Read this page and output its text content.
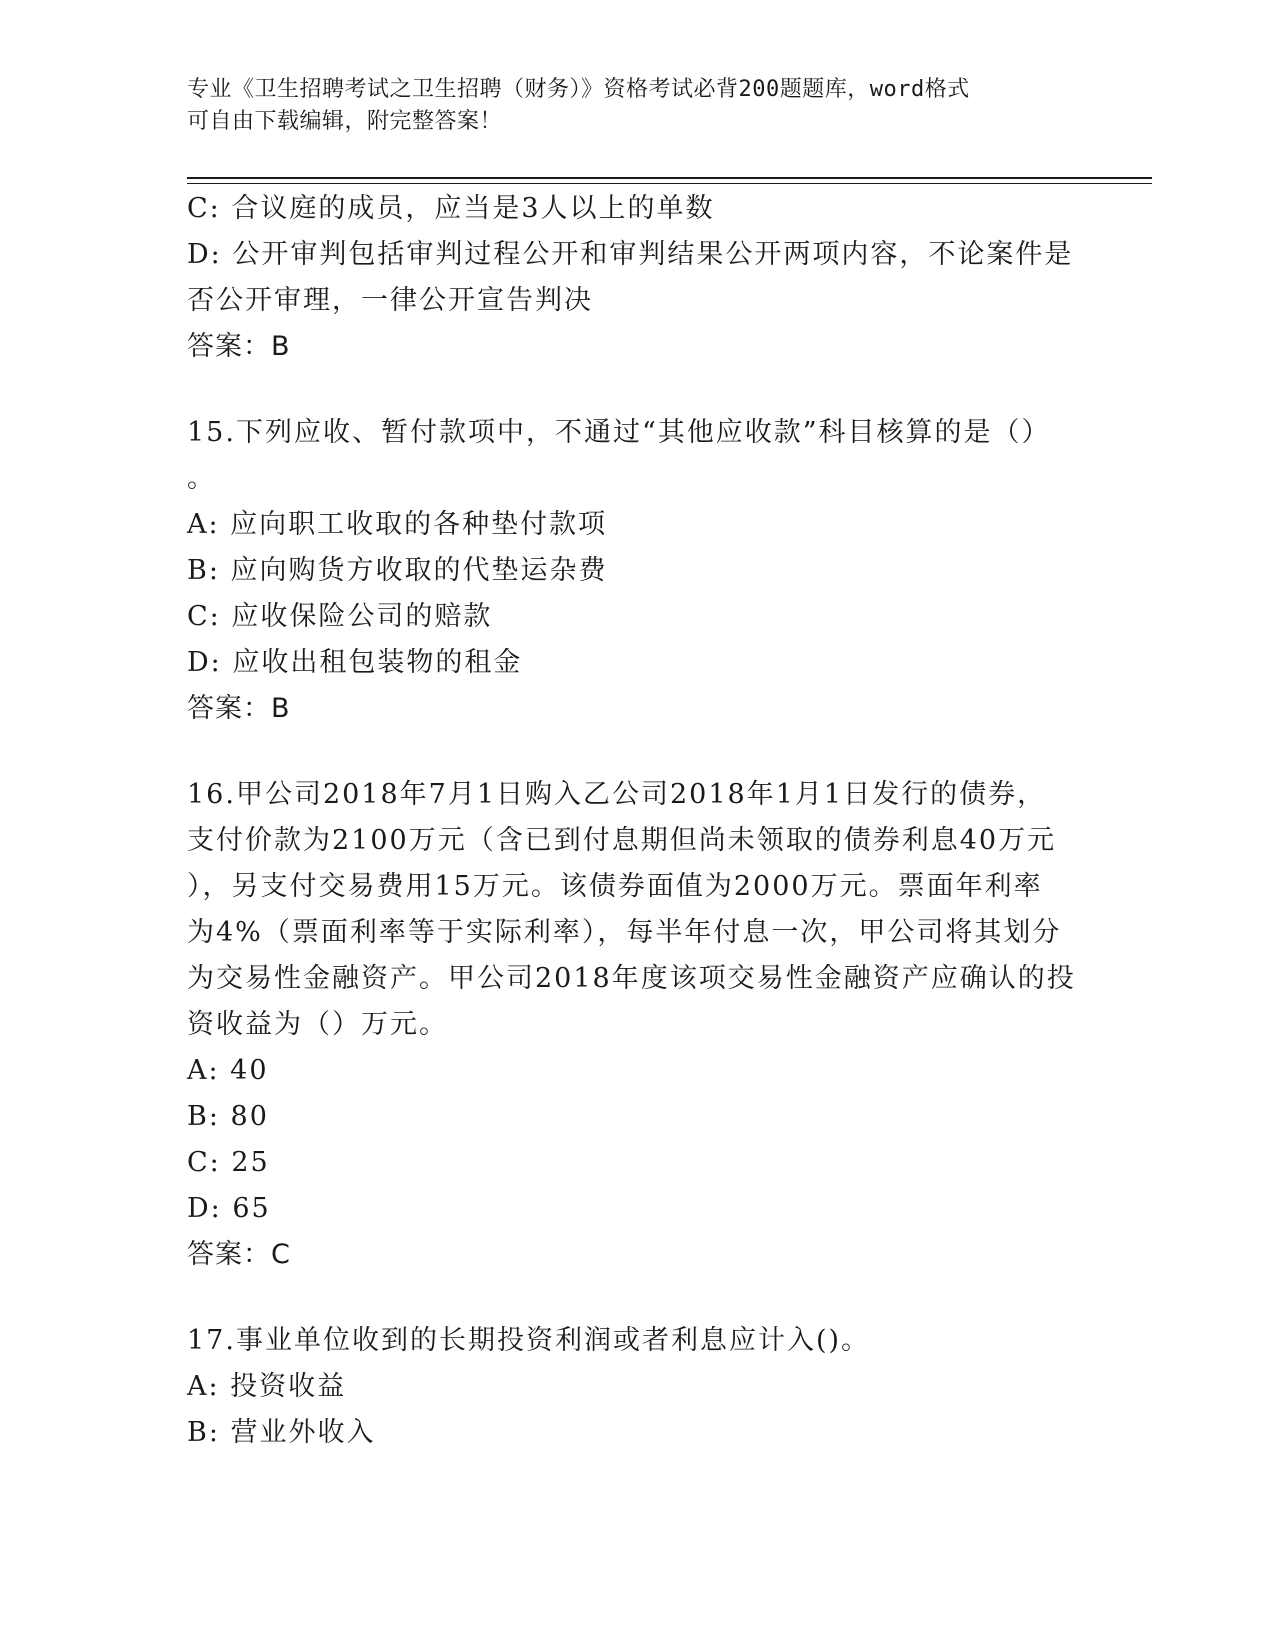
专业《卫生招聘考试之卫生招聘（财务）》资格考试必背200题题库，word格式
可自由下载编辑，附完整答案！
C: 合议庭的成员，应当是3人以上的单数
D: 公开审判包括审判过程公开和审判结果公开两项内容，不论案件是
否公开审理，一律公开宣告判决
答案：B
15.下列应收、暂付款项中，不通过“其他应收款”科目核算的是（）
。
A: 应向职工收取的各种垫付款项
B: 应向购货方收取的代垫运杂费
C: 应收保险公司的赔款
D: 应收出租包装物的租金
答案：B
16.甲公司2018年7月1日购入乙公司2018年1月1日发行的债券，
支付价款为2100万元（含已到付息期但尚未领取的债券利息40万元
），另支付交易费用15万元。该债券面值为2000万元。票面年利率
为4%（票面利率等于实际利率），每半年付息一次，甲公司将其划分
为交易性金融资产。甲公司2018年度该项交易性金融资产应确认的投
资收益为（）万元。
A: 40
B: 80
C: 25
D: 65
答案：C
17.事业单位收到的长期投资利润或者利息应计入()。
A: 投资收益
B: 营业外收入
